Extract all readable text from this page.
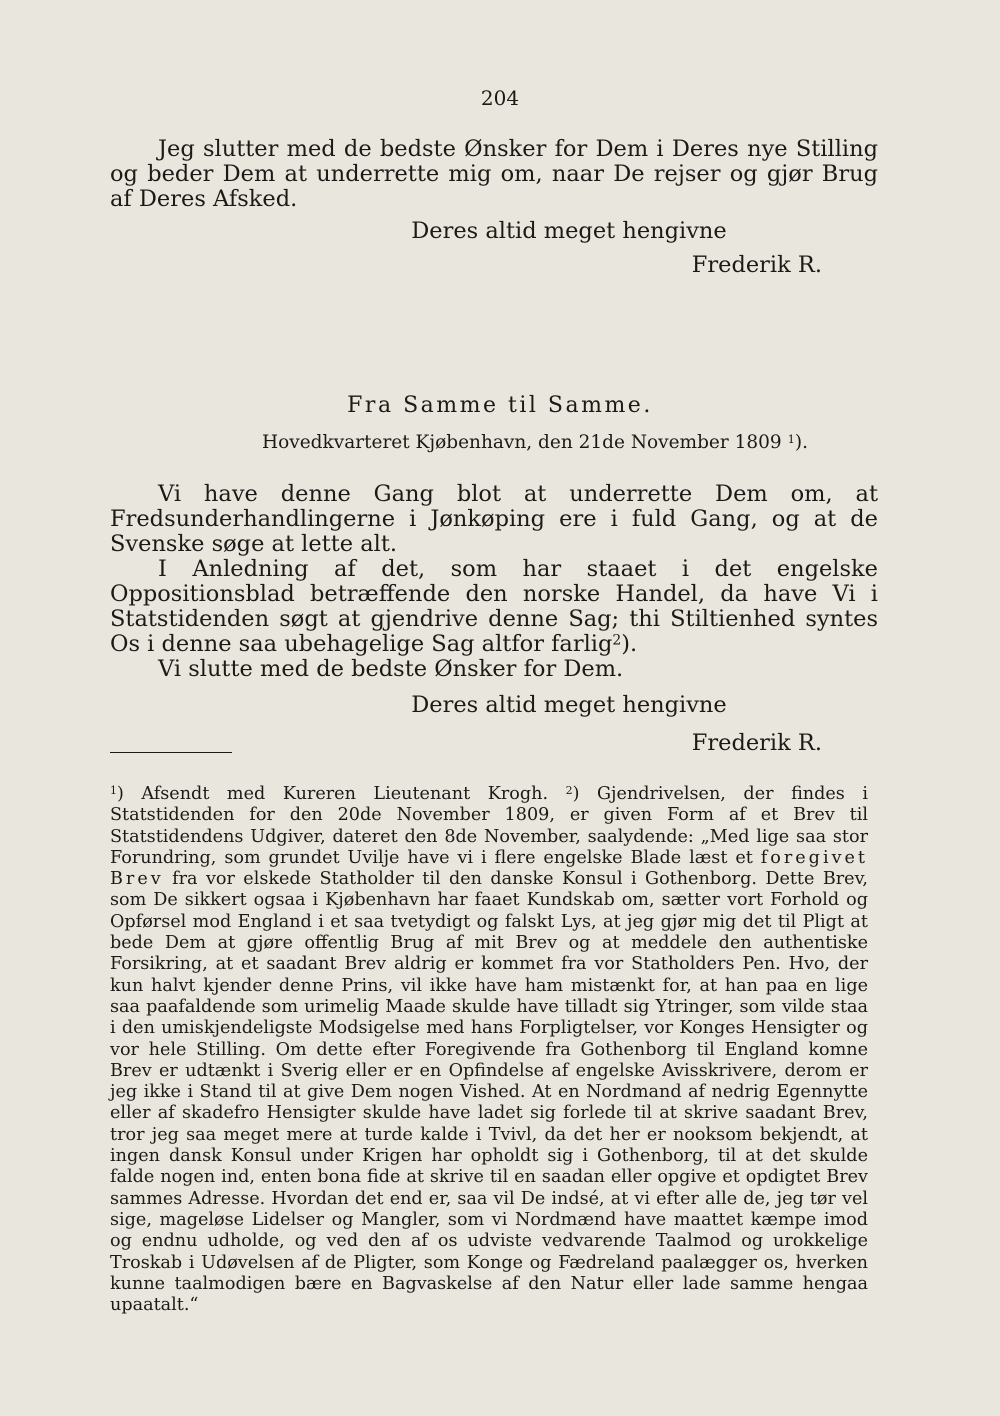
204

Jeg slutter med de bedste Ønsker for Dem i Deres nye Stilling og beder Dem at underrette mig om, naar De rejser og gjør Brug af Deres Afsked.

Deres altid meget hengivne

Frederik R.

Fra Samme til Samme.
Hovedkvarteret Kjøbenhavn, den 21de November 1809 $^1$).

Vi have denne Gang blot at underrette Dem om, at Fredsunderhandlingerne i Jønkøping ere i fuld Gang, og at de Svenske søge at lette alt.

I Anledning af det, som har staaet i det engelske Oppositionsblad betræffende den norske Handel, da have Vi i Statstidenden søgt at gjendrive denne Sag; thi Stiltienhed syntes Os i denne saa ubehagelige Sag altfor farlig$^2$).

Vi slutte med de bedste Ønsker for Dem.

Deres altid meget hengivne

Frederik R.

$^1$) Afsendt med Kureren Lieutenant Krogh. $^2$) Gjendrivelsen, der findes i Statstidenden for den 20de November 1809, er given Form af et Brev til Statstidendens Udgiver, dateret den 8de November, saalydende: „Med lige saa stor Forundring, som grundet Uvilje have vi i flere engelske Blade læst et foregivet Brev fra vor elskede Statholder til den danske Konsul i Gothenborg. Dette Brev, som De sikkert ogsaa i Kjøbenhavn har faaet Kundskab om, sætter vort Forhold og Opførsel mod England i et saa tvetydigt og falskt Lys, at jeg gjør mig det til Pligt at bede Dem at gjøre offentlig Brug af mit Brev og at meddele den authentiske Forsikring, at et saadant Brev aldrig er kommet fra vor Statholders Pen. Hvo, der kun halvt kjender denne Prins, vil ikke have ham mistænkt for, at han paa en lige saa paafaldende som urimelig Maade skulde have tilladt sig Ytringer, som vilde staa i den umiskjendeligste Modsigelse med hans Forpligtelser, vor Konges Hensigter og vor hele Stilling. Om dette efter Foregivende fra Gothenborg til England komne Brev er udtænkt i Sverig eller er en Opfindelse af engelske Avisskrivere, derom er jeg ikke i Stand til at give Dem nogen Vished. At en Nordmand af nedrig Egennytte eller af skadefro Hensigter skulde have ladet sig forlede til at skrive saadant Brev, tror jeg saa meget mere at turde kalde i Tvivl, da det her er nooksom bekjendt, at ingen dansk Konsul under Krigen har opholdt sig i Gothenborg, til at det skulde falde nogen ind, enten bona fide at skrive til en saadan eller opgive et opdigtet Brev sammes Adresse. Hvordan det end er, saa vil De indsé, at vi efter alle de, jeg tør vel sige, mageløse Lidelser og Mangler, som vi Nordmænd have maattet kæmpe imod og endnu udholde, og ved den af os udviste vedvarende Taalmod og urokkelige Troskab i Udøvelsen af de Pligter, som Konge og Fædreland paalægger os, hverken kunne taalmodigen bære en Bagvaskelse af den Natur eller lade samme hengaa upaatalt.“
